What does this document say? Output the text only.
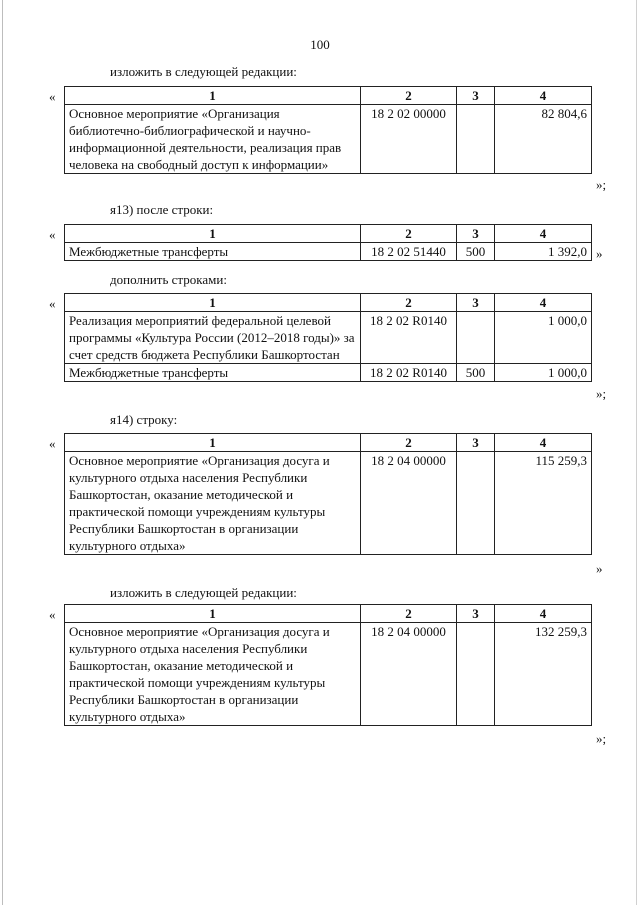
100
изложить в следующей редакции:
«	1	2	3	4
Основное мероприятие «Организация библиотечно-библиографической и научно-информационной деятельности, реализация прав человека на свободный доступ к информации»	18 2 02 00000		82 804,6
»;
я13) после строки:
«	1	2	3	4
Межбюджетные трансферты	18 2 02 51440	500	1 392,0 »
дополнить строками:
«	1	2	3	4
Реализация мероприятий федеральной целевой программы «Культура России (2012–2018 годы)» за счет средств бюджета Республики Башкортостан	18 2 02 R0140		1 000,0
Межбюджетные трансферты	18 2 02 R0140	500	1 000,0
»;
я14) строку:
«	1	2	3	4
Основное мероприятие «Организация досуга и культурного отдыха населения Республики Башкортостан, оказание методической и практической помощи учреждениям культуры Республики Башкортостан в организации культурного отдыха»	18 2 04 00000		115 259,3
»
изложить в следующей редакции:
«	1	2	3	4
Основное мероприятие «Организация досуга и культурного отдыха населения Республики Башкортостан, оказание методической и практической помощи учреждениям культуры Республики Башкортостан в организации культурного отдыха»	18 2 04 00000		132 259,3
»;
